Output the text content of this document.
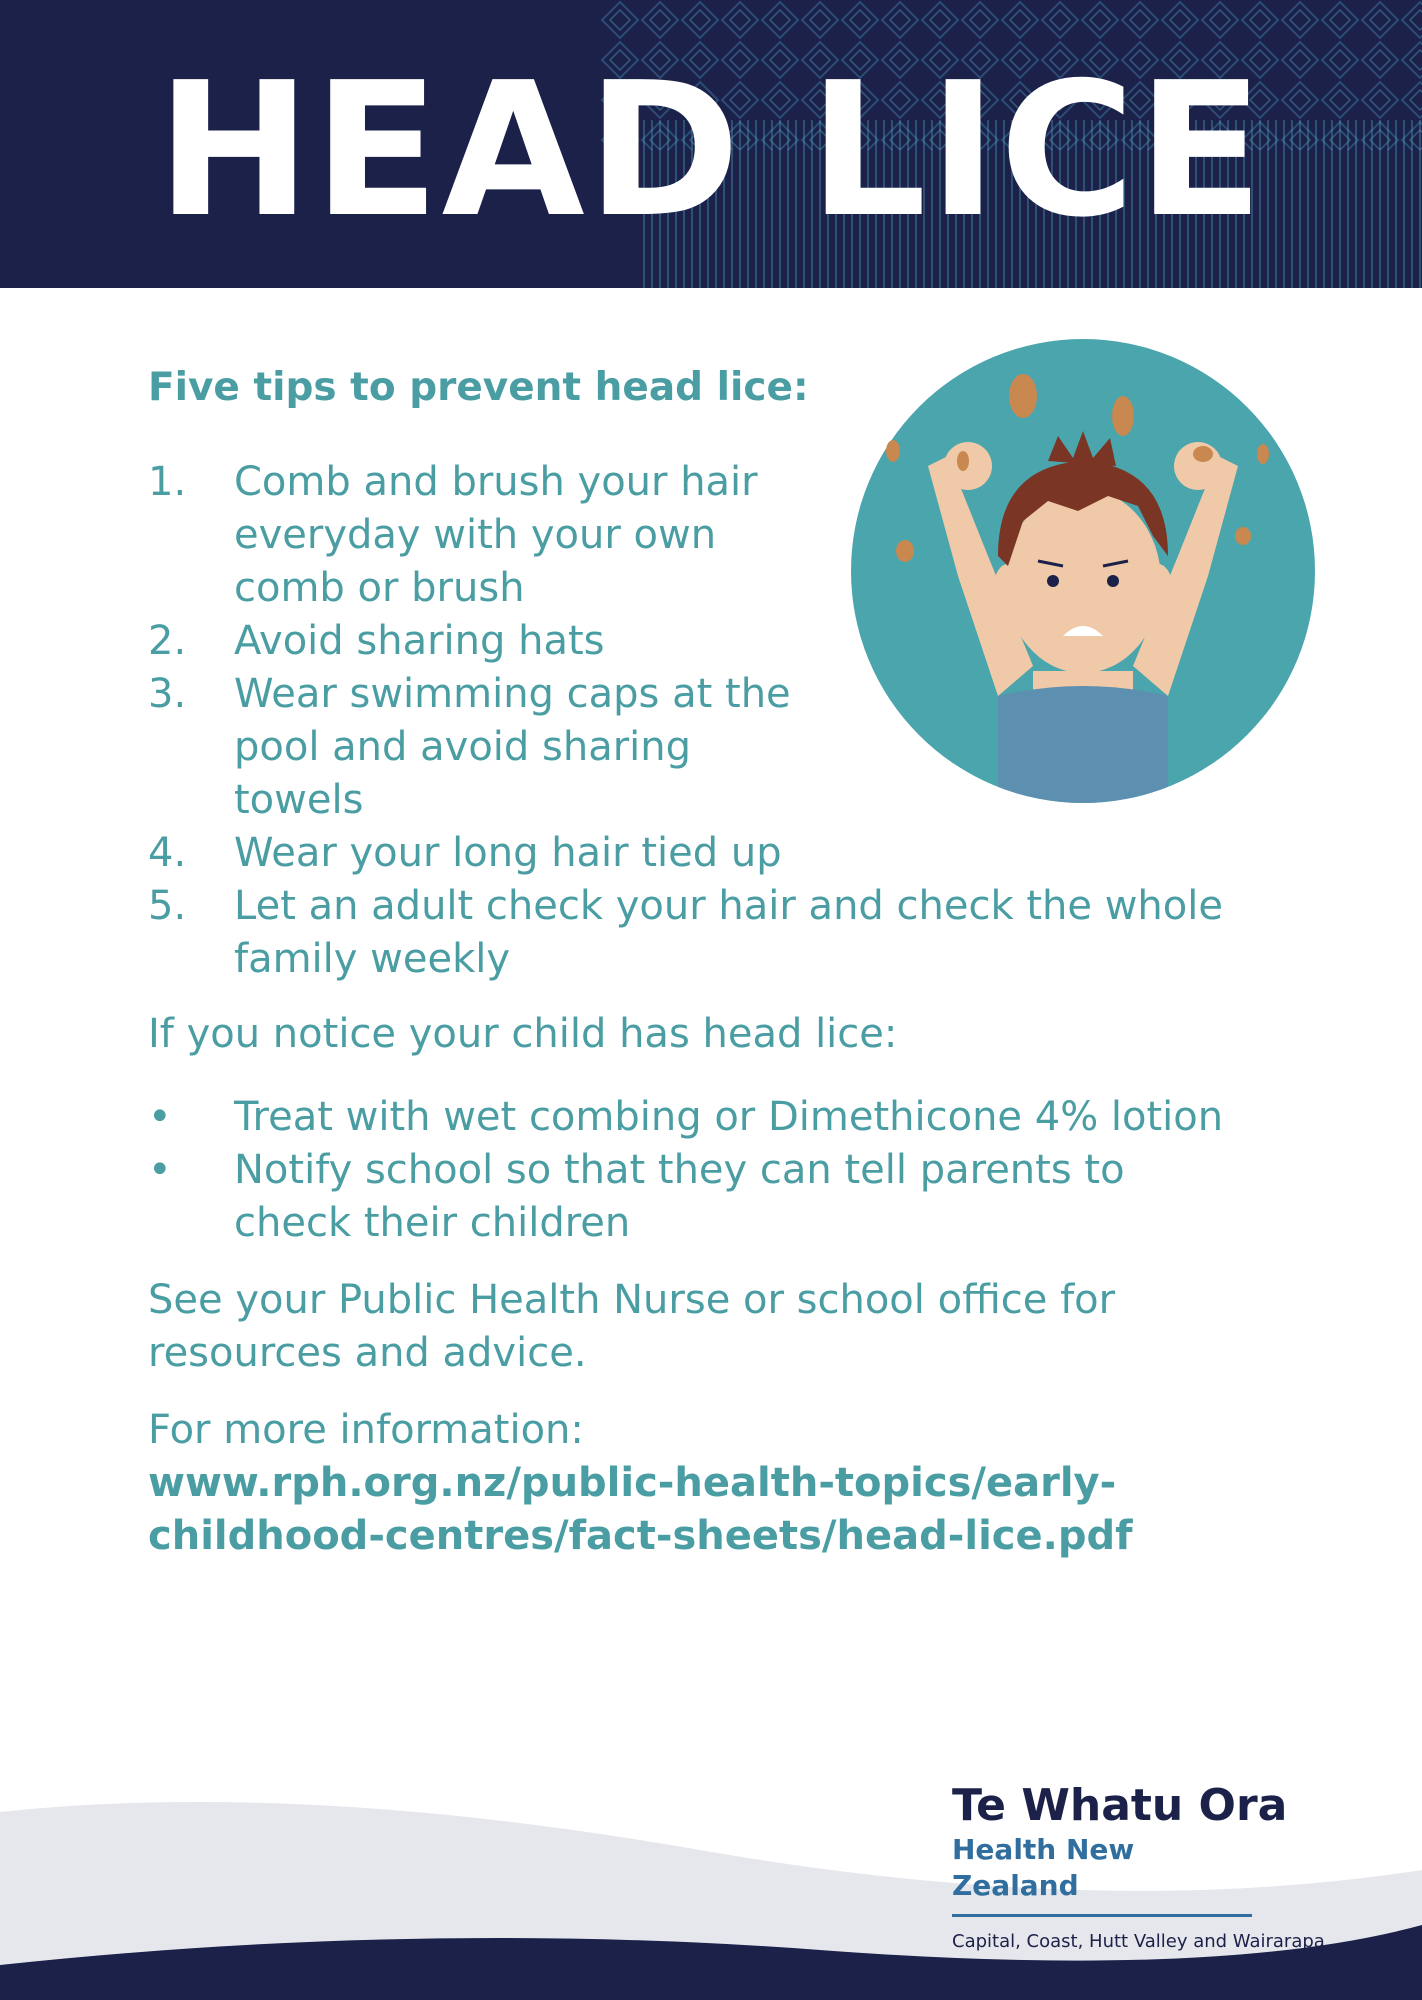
HEAD LICE
Five tips to prevent head lice:
1. Comb and brush your hair everyday with your own comb or brush
2. Avoid sharing hats
3. Wear swimming caps at the pool and avoid sharing towels
4. Wear your long hair tied up
5. Let an adult check your hair and check the whole family weekly

If you notice your child has head lice:

• Treat with wet combing or Dimethicone 4% lotion
• Notify school so that they can tell parents to check their children

See your Public Health Nurse or school office for resources and advice.

For more information:

www.rph.org.nz/public-health-topics/early-childhood-centres/fact-sheets/head-lice.pdf

Te Whatu Ora

Health New Zealand

Capital, Coast, Hutt Valley and Wairarapa
